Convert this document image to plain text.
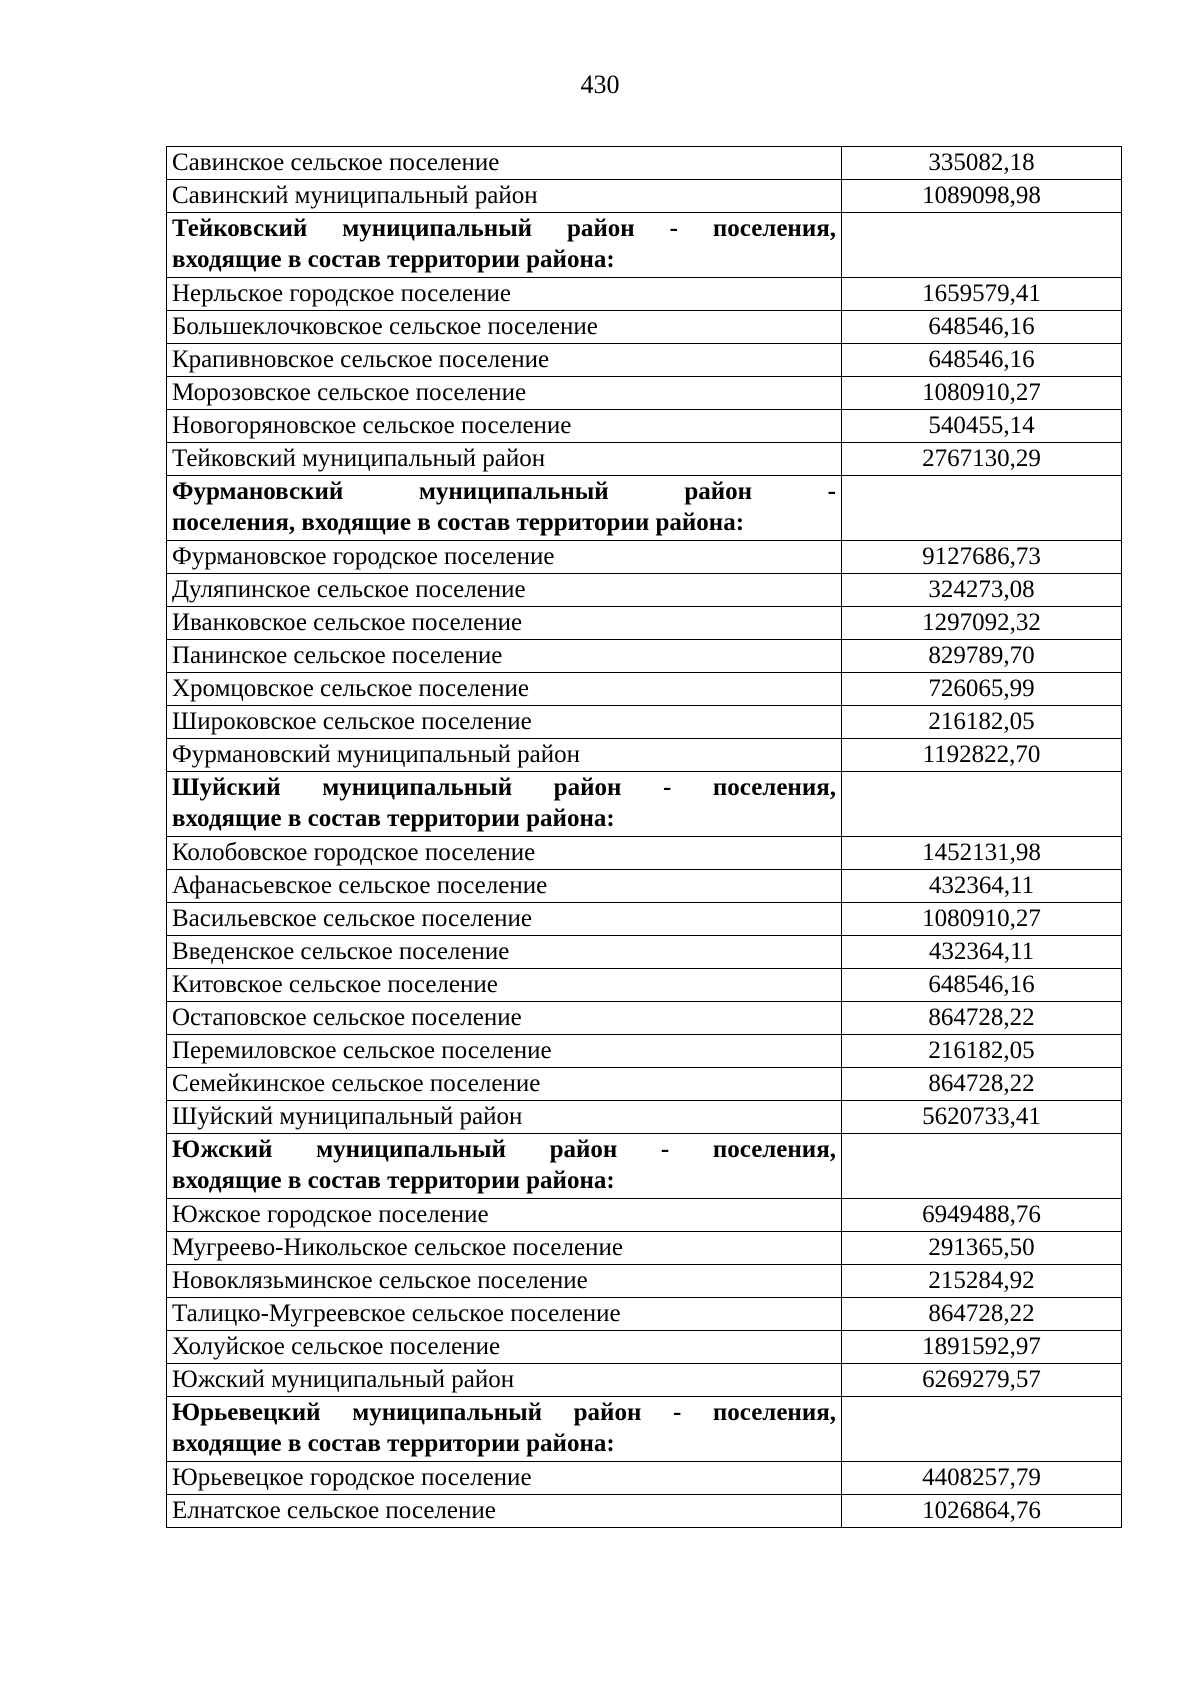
430
Савинское сельское поселение	335082,18
Савинский муниципальный район	1089098,98

Тейковский муниципальный район - поселения,
входящие в состав территории района:	

Нерльское городское поселение	1659579,41
Большеклочковское сельское поселение	648546,16
Крапивновское сельское поселение	648546,16
Морозовское сельское поселение	1080910,27
Новогоряновское сельское поселение	540455,14
Тейковский муниципальный район	2767130,29

Фурмановский муниципальный район -
поселения, входящие в состав территории района:	

Фурмановское городское поселение	9127686,73
Дуляпинское сельское поселение	324273,08
Иванковское сельское поселение	1297092,32
Панинское сельское поселение	829789,70
Хромцовское сельское поселение	726065,99
Широковское сельское поселение	216182,05
Фурмановский муниципальный район	1192822,70

Шуйский муниципальный район - поселения,
входящие в состав территории района:	

Колобовское городское поселение	1452131,98
Афанасьевское сельское поселение	432364,11
Васильевское сельское поселение	1080910,27
Введенское сельское поселение	432364,11
Китовское сельское поселение	648546,16
Остаповское сельское поселение	864728,22
Перемиловское сельское поселение	216182,05
Семейкинское сельское поселение	864728,22
Шуйский муниципальный район	5620733,41

Южский муниципальный район - поселения,
входящие в состав территории района:	

Южское городское поселение	6949488,76
Мугреево-Никольское сельское поселение	291365,50
Новоклязьминское сельское поселение	215284,92
Талицко-Мугреевское сельское поселение	864728,22
Холуйское сельское поселение	1891592,97
Южский муниципальный район	6269279,57

Юрьевецкий муниципальный район - поселения,
входящие в состав территории района:	

Юрьевецкое городское поселение	4408257,79
Елнатское сельское поселение	1026864,76
